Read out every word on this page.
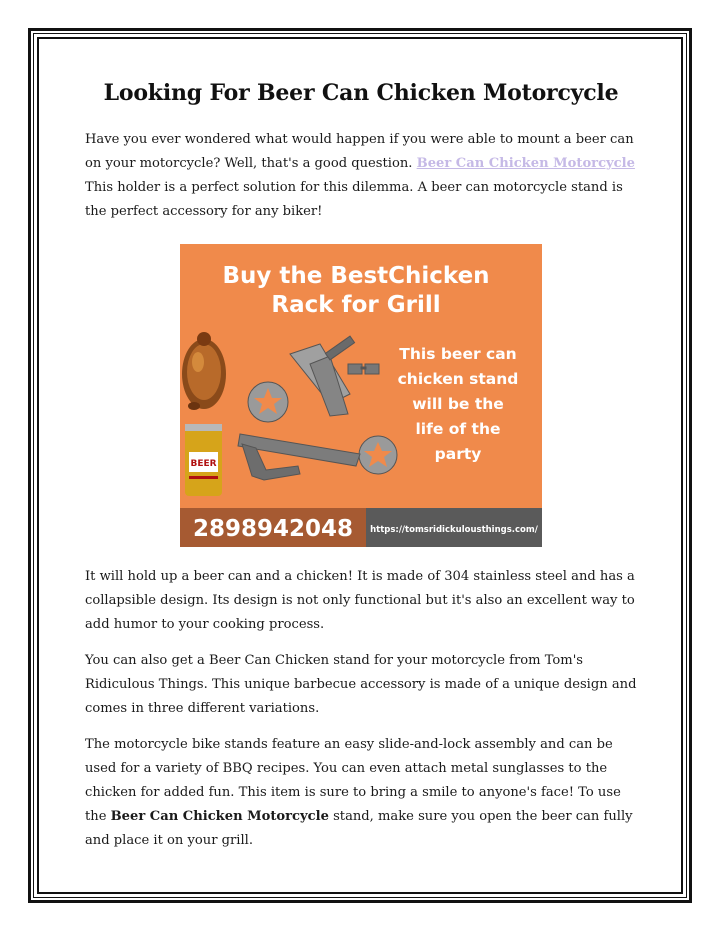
Looking For Beer Can Chicken Motorcycle

Have you ever wondered what would happen if you were able to mount a beer can on your motorcycle? Well, that's a good question. Beer Can Chicken Motorcycle This holder is a perfect solution for this dilemma. A beer can motorcycle stand is the perfect accessory for any biker!

Buy the BestChicken
Rack for Grill
BEER
This beer can
chicken stand
will be the
life of the
party
2898942048 https://tomsridickulousthings.com/

It will hold up a beer can and a chicken! It is made of 304 stainless steel and has a collapsible design. Its design is not only functional but it's also an excellent way to add humor to your cooking process.

You can also get a Beer Can Chicken stand for your motorcycle from Tom's Ridiculous Things. This unique barbecue accessory is made of a unique design and comes in three different variations.

The motorcycle bike stands feature an easy slide-and-lock assembly and can be used for a variety of BBQ recipes. You can even attach metal sunglasses to the chicken for added fun. This item is sure to bring a smile to anyone's face! To use the Beer Can Chicken Motorcycle stand, make sure you open the beer can fully and place it on your grill.
